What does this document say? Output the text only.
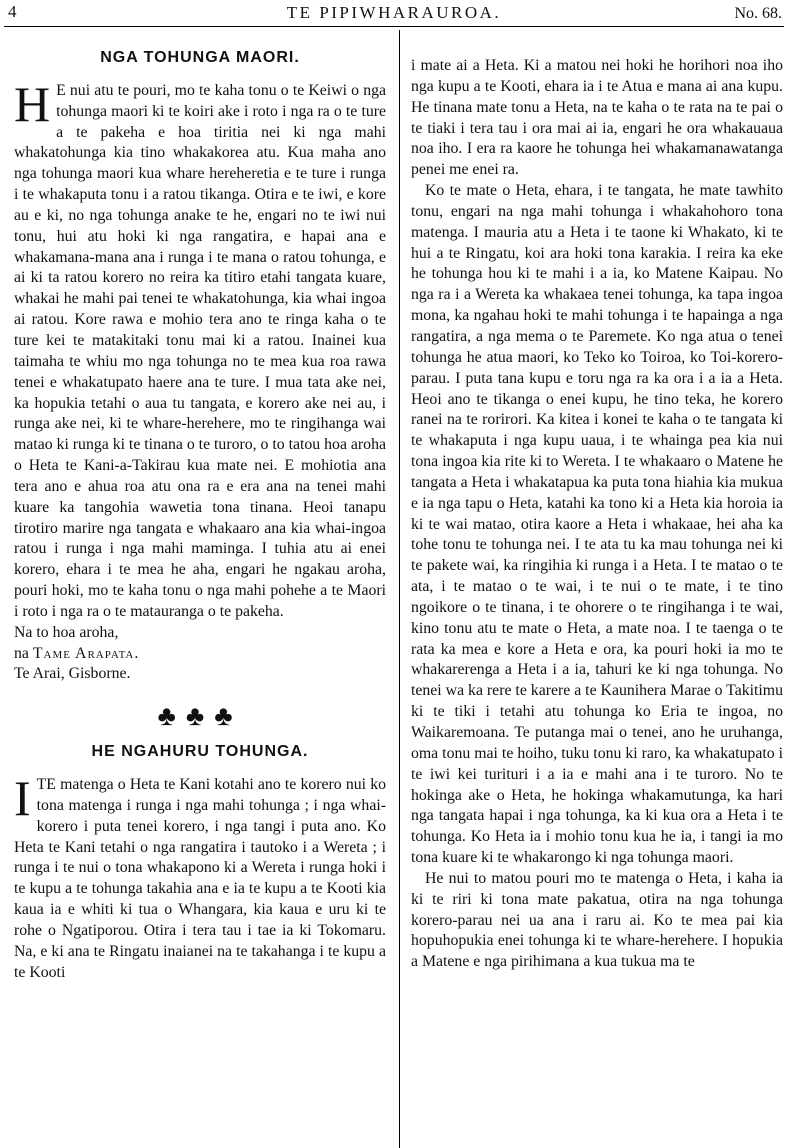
4	TE PIPIWHARAUROA.	No. 68.
NGA TOHUNGA MAORI.

H E nui atu te pouri, mo te kaha tonu o te Keiwi o nga tohunga maori ki te koiri ake i roto i nga ra o te ture a te pakeha e hoa tiritia nei ki nga mahi whakatohunga kia tino whakakorea atu. Kua maha ano nga tohunga maori kua whare hereheretia e te ture i runga i te whakaputa tonu i a ratou tikanga. Otira e te iwi, e kore au e ki, no nga tohunga anake te he, engari no te iwi nui tonu, hui atu hoki ki nga rangatira, e hapai ana e whakamana-mana ana i runga i te mana o ratou tohunga, e ai ki ta ratou korero no reira ka titiro etahi tangata kuare, whakai he mahi pai tenei te whakatohunga, kia whai ingoa ai ratou. Kore rawa e mohio tera ano te ringa kaha o te ture kei te matakitaki tonu mai ki a ratou. Inainei kua taimaha te whiu mo nga tohunga no te mea kua roa rawa tenei e whakatupato haere ana te ture. I mua tata ake nei, ka hopukia tetahi o aua tu tangata, e korero ake nei au, i runga ake nei, ki te whare-herehere, mo te ringihanga wai matao ki runga ki te tinana o te turoro, o to tatou hoa aroha o Heta te Kani-a-Takirau kua mate nei. E mohiotia ana tera ano e ahua roa atu ona ra e era ana na tenei mahi kuare ka tangohia wawetia tona tinana. Heoi tanapu tirotiro marire nga tangata e whakaaro ana kia whai-ingoa ratou i runga i nga mahi maminga. I tuhia atu ai enei korero, ehara i te mea he aha, engari he ngakau aroha, pouri hoki, mo te kaha tonu o nga mahi pohehe a te Maori i roto i nga ra o te matauranga o te pakeha.

Na to hoa aroha,

na Tame Arapata.

Te Arai, Gisborne.

♣♣♣
HE NGAHURU TOHUNGA.

ITE matenga o Heta te Kani kotahi ano te korero nui ko tona matenga i runga i nga mahi tohunga ; i nga whai-korero i puta tenei korero, i nga tangi i puta ano. Ko Heta te Kani tetahi o nga rangatira i tautoko i a Wereta ; i runga i te nui o tona whakapono ki a Wereta i runga hoki i te kupu a te tohunga takahia ana e ia te kupu a te Kooti kia kaua ia e whiti ki tua o Whangara, kia kaua e uru ki te rohe o Ngatiporou. Otira i tera tau i tae ia ki Tokomaru. Na, e ki ana te Ringatu inaianei na te takahanga i te kupu a te Kooti

i mate ai a Heta. Ki a matou nei hoki he horihori noa iho nga kupu a te Kooti, ehara ia i te Atua e mana ai ana kupu. He tinana mate tonu a Heta, na te kaha o te rata na te pai o te tiaki i tera tau i ora mai ai ia, engari he ora whakauaua noa iho. I era ra kaore he tohunga hei whakamanawatanga penei me enei ra.

Ko te mate o Heta, ehara, i te tangata, he mate tawhito tonu, engari na nga mahi tohunga i whakahohoro tona matenga. I mauria atu a Heta i te taone ki Whakato, ki te hui a te Ringatu, koi ara hoki tona karakia. I reira ka eke he tohunga hou ki te mahi i a ia, ko Matene Kaipau. No nga ra i a Wereta ka whakaea tenei tohunga, ka tapa ingoa mona, ka ngahau hoki te mahi tohunga i te hapainga a nga rangatira, a nga mema o te Paremete. Ko nga atua o tenei tohunga he atua maori, ko Teko ko Toiroa, ko Toi-korero-parau. I puta tana kupu e toru nga ra ka ora i a ia a Heta. Heoi ano te tikanga o enei kupu, he tino teka, he korero ranei na te rorirori. Ka kitea i konei te kaha o te tangata ki te whakaputa i nga kupu uaua, i te whainga pea kia nui tona ingoa kia rite ki to Wereta. I te whakaaro o Matene he tangata a Heta i whakatapua ka puta tona hiahia kia mukua e ia nga tapu o Heta, katahi ka tono ki a Heta kia horoia ia ki te wai matao, otira kaore a Heta i whakaae, hei aha ka tohe tonu te tohunga nei. I te ata tu ka mau tohunga nei ki te pakete wai, ka ringihia ki runga i a Heta. I te matao o te ata, i te matao o te wai, i te nui o te mate, i te tino ngoikore o te tinana, i te ohorere o te ringihanga i te wai, kino tonu atu te mate o Heta, a mate noa. I te taenga o te rata ka mea e kore a Heta e ora, ka pouri hoki ia mo te whakarerenga a Heta i a ia, tahuri ke ki nga tohunga. No tenei wa ka rere te karere a te Kaunihera Marae o Takitimu ki te tiki i tetahi atu tohunga ko Eria te ingoa, no Waikaremoana. Te putanga mai o tenei, ano he uruhanga, oma tonu mai te hoiho, tuku tonu ki raro, ka whakatupato i te iwi kei turituri i a ia e mahi ana i te turoro. No te hokinga ake o Heta, he hokinga whakamutunga, ka hari nga tangata hapai i nga tohunga, ka ki kua ora a Heta i te tohunga. Ko Heta ia i mohio tonu kua he ia, i tangi ia mo tona kuare ki te whakarongo ki nga tohunga maori.

He nui to matou pouri mo te matenga o Heta, i kaha ia ki te riri ki tona mate pakatua, otira na nga tohunga korero-parau nei ua ana i raru ai. Ko te mea pai kia hopuhopukia enei tohunga ki te whare-herehere. I hopukia a Matene e nga pirihimana a kua tukua ma te
